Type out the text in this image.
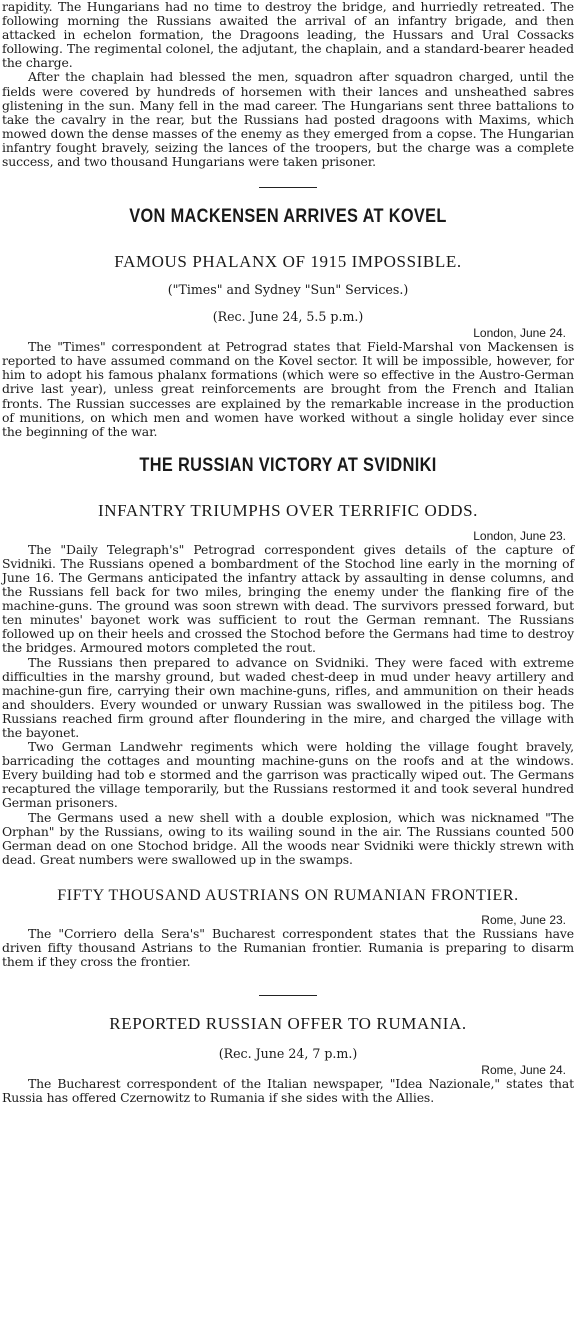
rapidity. The Hungarians had no time to destroy the bridge, and hurriedly retreated. The following morning the Russians awaited the arrival of an infantry brigade, and then attacked in echelon formation, the Dragoons leading, the Hussars and Ural Cossacks following. The regimental colonel, the adjutant, the chaplain, and a standard-bearer headed the charge.

After the chaplain had blessed the men, squadron after squadron charged, until the fields were covered by hundreds of horsemen with their lances and unsheathed sabres glistening in the sun. Many fell in the mad career. The Hungarians sent three battalions to take the cavalry in the rear, but the Russians had posted dragoons with Maxims, which mowed down the dense masses of the enemy as they emerged from a copse. The Hungarian infantry fought bravely, seizing the lances of the troopers, but the charge was a complete success, and two thousand Hungarians were taken prisoner.

VON MACKENSEN ARRIVES AT KOVEL
FAMOUS PHALANX OF 1915 IMPOSSIBLE.
("Times" and Sydney "Sun" Services.)
(Rec. June 24, 5.5 p.m.)
London, June 24.

The "Times" correspondent at Petrograd states that Field-Marshal von Mackensen is reported to have assumed command on the Kovel sector. It will be impossible, however, for him to adopt his famous phalanx formations (which were so effective in the Austro-German drive last year), unless great reinforcements are brought from the French and Italian fronts. The Russian successes are explained by the remarkable increase in the production of munitions, on which men and women have worked without a single holiday ever since the beginning of the war.

THE RUSSIAN VICTORY AT SVIDNIKI
INFANTRY TRIUMPHS OVER TERRIFIC ODDS.
London, June 23.

The "Daily Telegraph's" Petrograd correspondent gives details of the capture of Svidniki. The Russians opened a bombardment of the Stochod line early in the morning of June 16. The Germans anticipated the infantry attack by assaulting in dense columns, and the Russians fell back for two miles, bringing the enemy under the flanking fire of the machine-guns. The ground was soon strewn with dead. The survivors pressed forward, but ten minutes' bayonet work was sufficient to rout the German remnant. The Russians followed up on their heels and crossed the Stochod before the Germans had time to destroy the bridges. Armoured motors completed the rout.

The Russians then prepared to advance on Svidniki. They were faced with extreme difficulties in the marshy ground, but waded chest-deep in mud under heavy artillery and machine-gun fire, carrying their own machine-guns, rifles, and ammunition on their heads and shoulders. Every wounded or unwary Russian was swallowed in the pitiless bog. The Russians reached firm ground after floundering in the mire, and charged the village with the bayonet.

Two German Landwehr regiments which were holding the village fought bravely, barricading the cottages and mounting machine-guns on the roofs and at the windows. Every building had tob e stormed and the garrison was practically wiped out. The Germans recaptured the village temporarily, but the Russians restormed it and took several hundred German prisoners.

The Germans used a new shell with a double explosion, which was nicknamed "The Orphan" by the Russians, owing to its wailing sound in the air. The Russians counted 500 German dead on one Stochod bridge. All the woods near Svidniki were thickly strewn with dead. Great numbers were swallowed up in the swamps.

FIFTY THOUSAND AUSTRIANS ON RUMANIAN FRONTIER.
Rome, June 23.

The "Corriero della Sera's" Bucharest correspondent states that the Russians have driven fifty thousand Astrians to the Rumanian frontier. Rumania is preparing to disarm them if they cross the frontier.

REPORTED RUSSIAN OFFER TO RUMANIA.
(Rec. June 24, 7 p.m.)
Rome, June 24.

The Bucharest correspondent of the Italian newspaper, "Idea Nazionale," states that Russia has offered Czernowitz to Rumania if she sides with the Allies.
